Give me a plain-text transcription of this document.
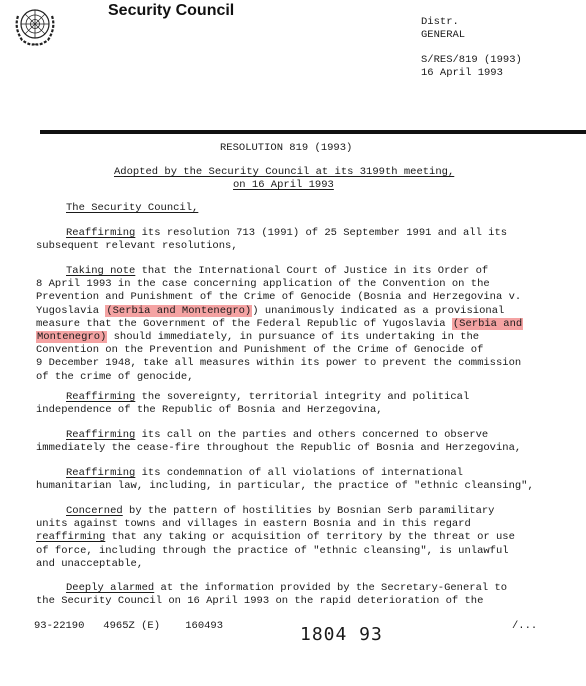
Security Council
Distr.
GENERAL
S/RES/819 (1993)
16 April 1993
RESOLUTION 819 (1993)
Adopted by the Security Council at its 3199th meeting,
on 16 April 1993
The Security Council,
Reaffirming its resolution 713 (1991) of 25 September 1991 and all its
subsequent relevant resolutions,
Taking note that the International Court of Justice in its Order of
8 April 1993 in the case concerning application of the Convention on the
Prevention and Punishment of the Crime of Genocide (Bosnia and Herzegovina v.
Yugoslavia (Serbia and Montenegro)) unanimously indicated as a provisional
measure that the Government of the Federal Republic of Yugoslavia (Serbia and
Montenegro) should immediately, in pursuance of its undertaking in the
Convention on the Prevention and Punishment of the Crime of Genocide of
9 December 1948, take all measures within its power to prevent the commission
of the crime of genocide,
Reaffirming the sovereignty, territorial integrity and political
independence of the Republic of Bosnia and Herzegovina,
Reaffirming its call on the parties and others concerned to observe
immediately the cease-fire throughout the Republic of Bosnia and Herzegovina,
Reaffirming its condemnation of all violations of international
humanitarian law, including, in particular, the practice of "ethnic cleansing",
Concerned by the pattern of hostilities by Bosnian Serb paramilitary
units against towns and villages in eastern Bosnia and in this regard
reaffirming that any taking or acquisition of territory by the threat or use
of force, including through the practice of "ethnic cleansing", is unlawful
and unacceptable,
Deeply alarmed at the information provided by the Secretary-General to
the Security Council on 16 April 1993 on the rapid deterioration of the
93-22190   4965Z (E)    160493	1804 93	/...
